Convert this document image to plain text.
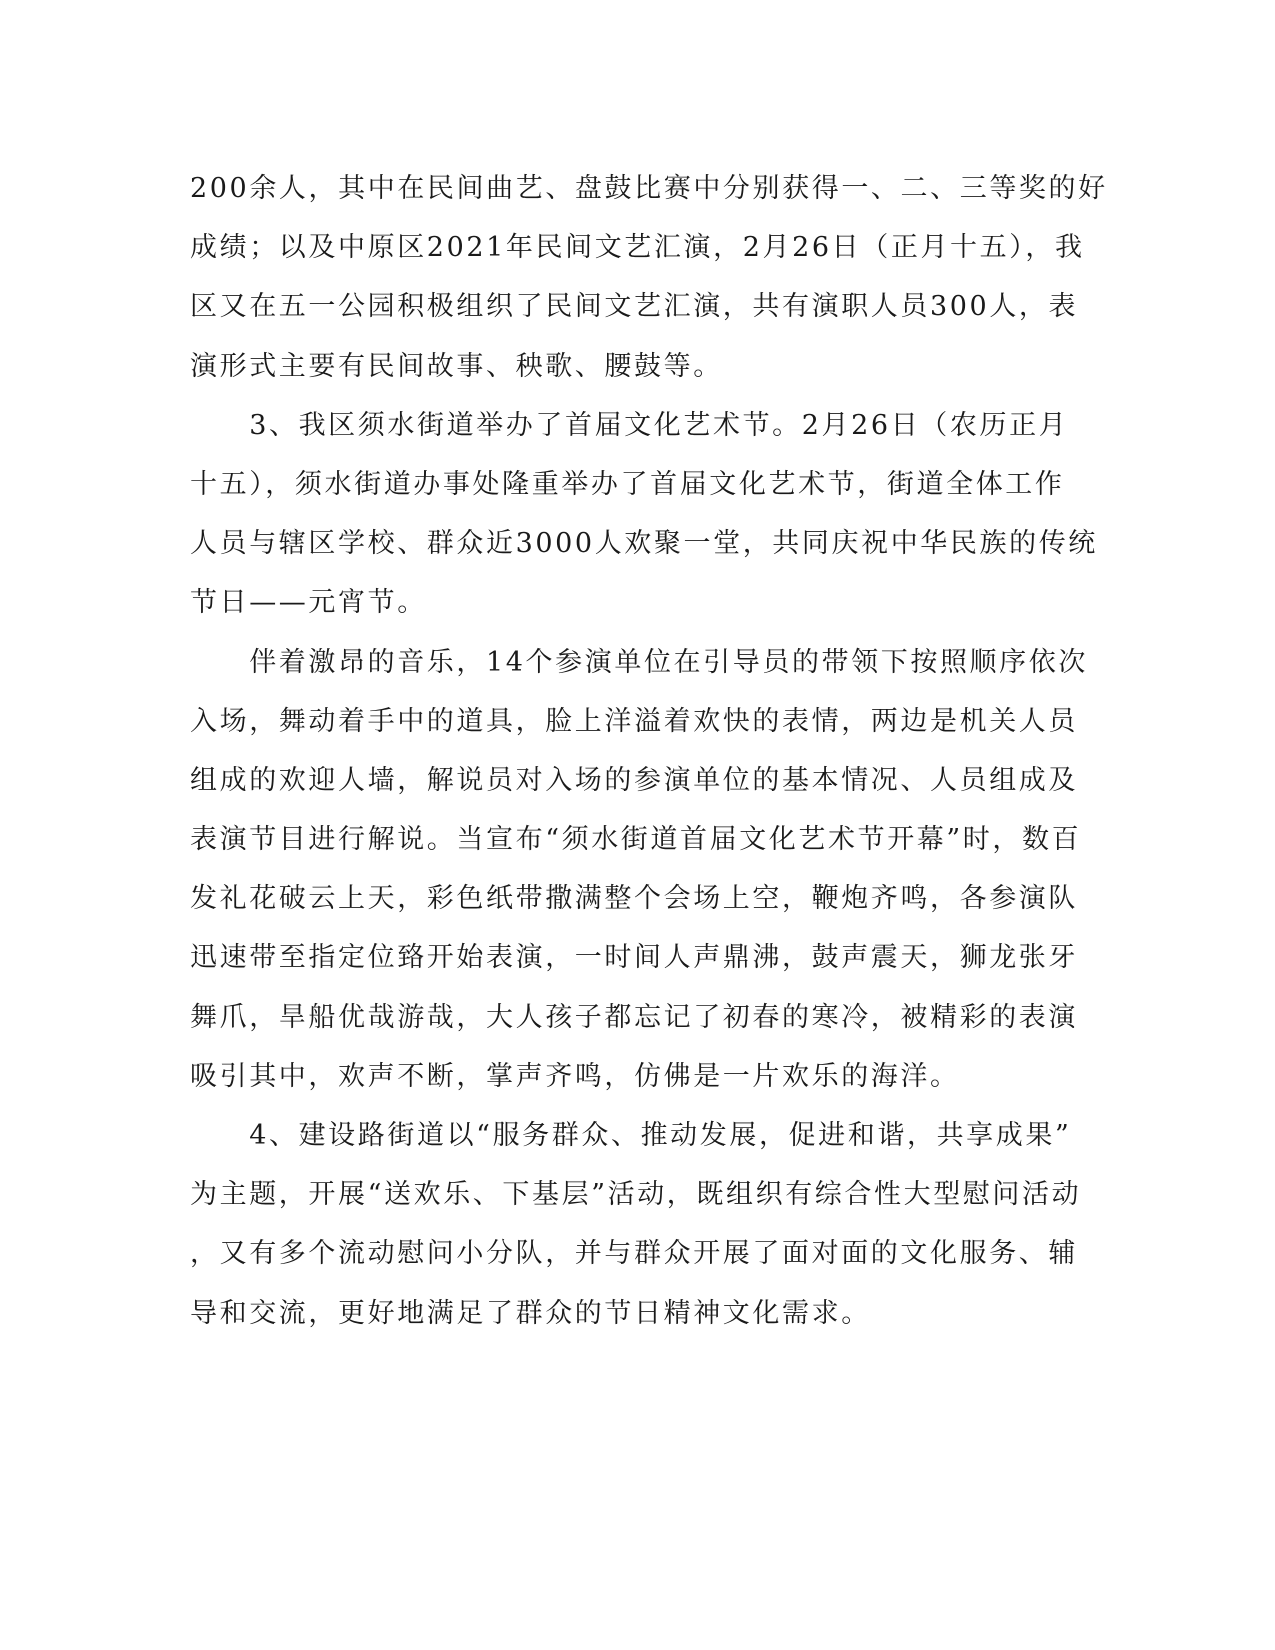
200余人，其中在民间曲艺、盘鼓比赛中分别获得一、二、三等奖的好
成绩；以及中原区2021年民间文艺汇演，2月26日（正月十五），我
区又在五一公园积极组织了民间文艺汇演，共有演职人员300人，表
演形式主要有民间故事、秧歌、腰鼓等。
　　3、我区须水街道举办了首届文化艺术节。2月26日（农历正月
十五），须水街道办事处隆重举办了首届文化艺术节，街道全体工作
人员与辖区学校、群众近3000人欢聚一堂，共同庆祝中华民族的传统
节日——元宵节。
　　伴着激昂的音乐，14个参演单位在引导员的带领下按照顺序依次
入场，舞动着手中的道具，脸上洋溢着欢快的表情，两边是机关人员
组成的欢迎人墙，解说员对入场的参演单位的基本情况、人员组成及
表演节目进行解说。当宣布“须水街道首届文化艺术节开幕”时，数百
发礼花破云上天，彩色纸带撒满整个会场上空，鞭炮齐鸣，各参演队
迅速带至指定位臵开始表演，一时间人声鼎沸，鼓声震天，狮龙张牙
舞爪，旱船优哉游哉，大人孩子都忘记了初春的寒冷，被精彩的表演
吸引其中，欢声不断，掌声齐鸣，仿佛是一片欢乐的海洋。
　　4、建设路街道以“服务群众、推动发展，促进和谐，共享成果”
为主题，开展“送欢乐、下基层”活动，既组织有综合性大型慰问活动
，又有多个流动慰问小分队，并与群众开展了面对面的文化服务、辅
导和交流，更好地满足了群众的节日精神文化需求。
